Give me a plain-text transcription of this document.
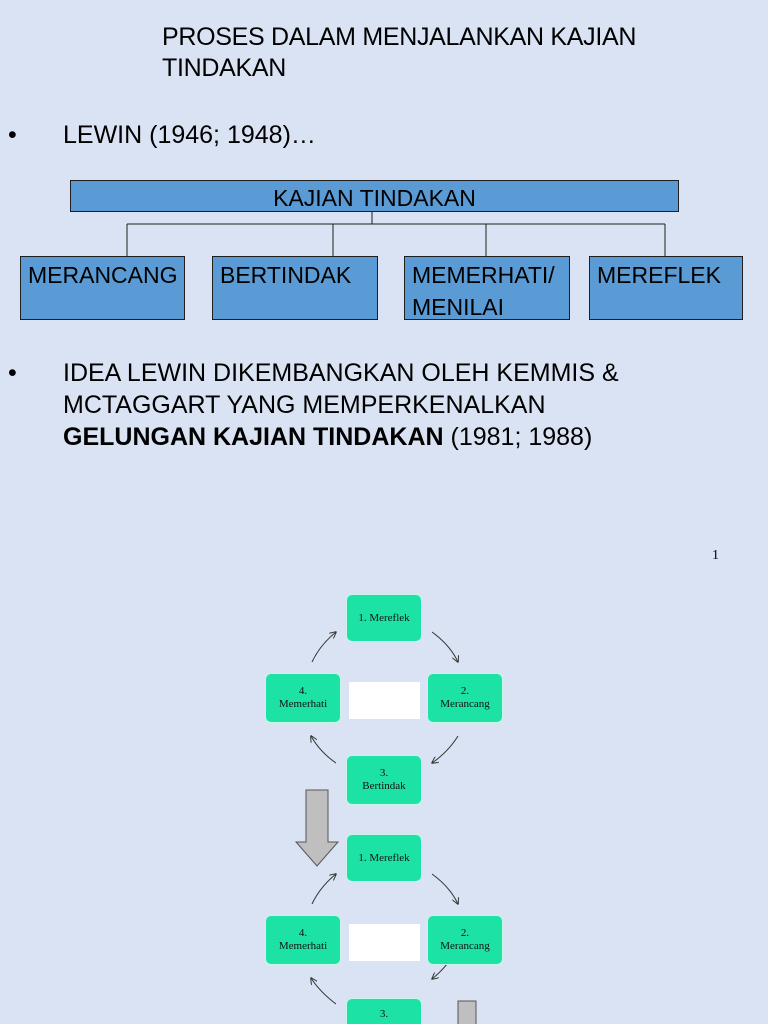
PROSES DALAM MENJALANKAN KAJIAN TINDAKAN
• LEWIN (1946; 1948)…
KAJIAN TINDAKAN
MERANCANG	BERTINDAK	MEMERHATI/ MENILAI
MEREFLEK
• IDEA LEWIN DIKEMBANGKAN OLEH KEMMIS &
MCTAGGART YANG MEMPERKENALKAN
GELUNGAN KAJIAN TINDAKAN (1981; 1988)
1
1. Mereflek
2.
Merancang
4.
Memerhati
3.
Bertindak
1. Mereflek
2.
Merancang
4.
Memerhati
3.
